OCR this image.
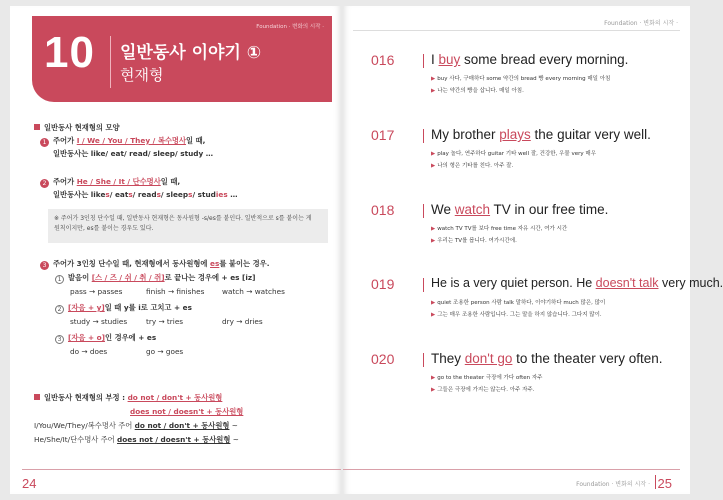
Foundation · 변화의 시작 ·
10 일반동사 이야기 ①
현재형
일반동사 현재형의 모양
1 주어가 I / We / You / They / 복수명사일 때,
일반동사는 like/ eat/ read/ sleep/ study …
2 주어가 He / She / It / 단수명사일 때,
일반동사는 likes/ eats/ reads/ sleeps/ studies …
※ 주어가 3인칭 단수일 때, 일반동사 현재형은 동사원형 -s/es를 붙인다. 일반적으로 s를 붙이는 게
원칙이지만, es를 붙이는 경우도 있다.
3 주어가 3인칭 단수일 때, 현재형에서 동사원형에 es를 붙이는 경우.
1 발음이 [스 / 즈 / 쉬 / 취 / 쥐]로 끝나는 경우에 + es [iz]
pass → passes	finish → finishes watch → watches
2 [자음 + y]일 때 y를 i로 고치고 + es
study → studies	try → tries	dry → dries
3 [자음 + o]인 경우에 + es
do → does	go → goes
일반동사 현재형의 부정 : do not / don't + 동사원형
does not / doesn't + 동사원형
I/You/We/They/복수명사 주어 do not / don't + 동사원형 ~
He/She/It/단수명사 주어 does not / doesn't + 동사원형 ~
24
Foundation · 변화의 시작 ·
016	I buy some bread every morning.
▶ buy 사다, 구매하다 some 약간의 bread 빵 every morning 매일 아침
▶ 나는 약간의 빵을 삽니다. 매일 아침.
017	My brother plays the guitar very well.
▶ play 놀다, 연주하다 guitar 기타 well 잘, 건강한, 우물 very 매우
▶ 나의 형은 기타를 친다. 아주 잘.
018	We watch TV in our free time.
▶ watch TV TV를 보다 free time 자유 시간, 여가 시간
▶ 우리는 TV를 봅니다. 여가시간에.
019	He is a very quiet person. He doesn't talk very much.
▶ quiet 조용한 person 사람 talk 말하다, 이야기하다 much 많은, 많이
▶ 그는 매우 조용한 사람입니다. 그는 말을 하지 않습니다. 그다지 많이.
020	They don't go to the theater very often.
▶ go to the theater 극장에 가다 often 자주
▶ 그들은 극장에 가지는 않는다. 아주 자주.
Foundation · 변화의 시작 · 25
